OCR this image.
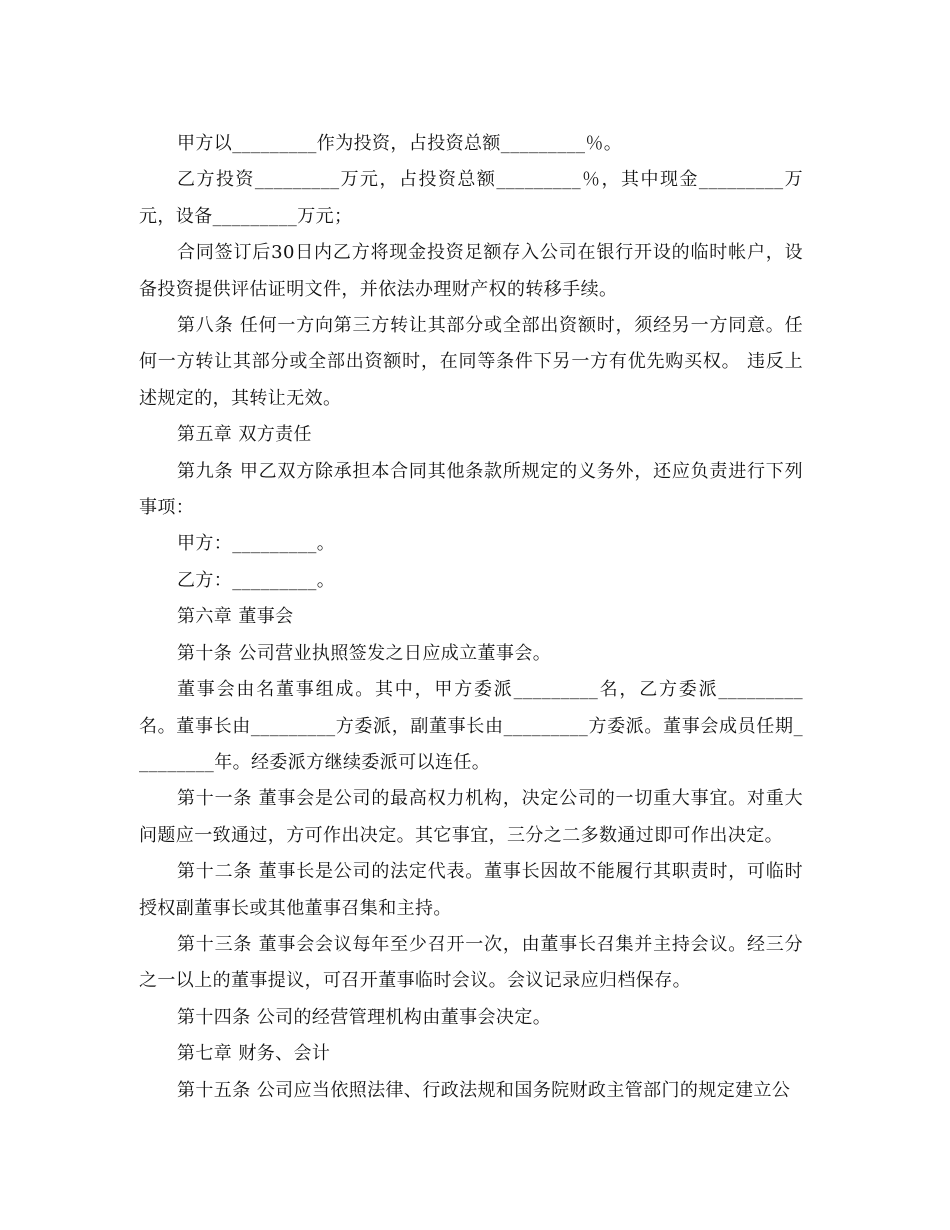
甲方以_________作为投资，占投资总额_________％。

乙方投资_________万元，占投资总额_________％，其中现金_________万元，设备_________万元；

合同签订后30日内乙方将现金投资足额存入公司在银行开设的临时帐户，设备投资提供评估证明文件，并依法办理财产权的转移手续。

第八条 任何一方向第三方转让其部分或全部出资额时，须经另一方同意。任何一方转让其部分或全部出资额时，在同等条件下另一方有优先购买权。 违反上述规定的，其转让无效。

第五章 双方责任

第九条 甲乙双方除承担本合同其他条款所规定的义务外，还应负责进行下列事项：

甲方：_________。

乙方：_________。

第六章 董事会

第十条 公司营业执照签发之日应成立董事会。

董事会由名董事组成。其中，甲方委派_________名，乙方委派_________名。董事长由_________方委派，副董事长由_________方委派。董事会成员任期_________年。经委派方继续委派可以连任。

第十一条 董事会是公司的最高权力机构，决定公司的一切重大事宜。对重大问题应一致通过，方可作出决定。其它事宜，三分之二多数通过即可作出决定。

第十二条 董事长是公司的法定代表。董事长因故不能履行其职责时，可临时授权副董事长或其他董事召集和主持。

第十三条 董事会会议每年至少召开一次，由董事长召集并主持会议。经三分之一以上的董事提议，可召开董事临时会议。会议记录应归档保存。

第十四条 公司的经营管理机构由董事会决定。

第七章 财务、会计

第十五条 公司应当依照法律、行政法规和国务院财政主管部门的规定建立公
